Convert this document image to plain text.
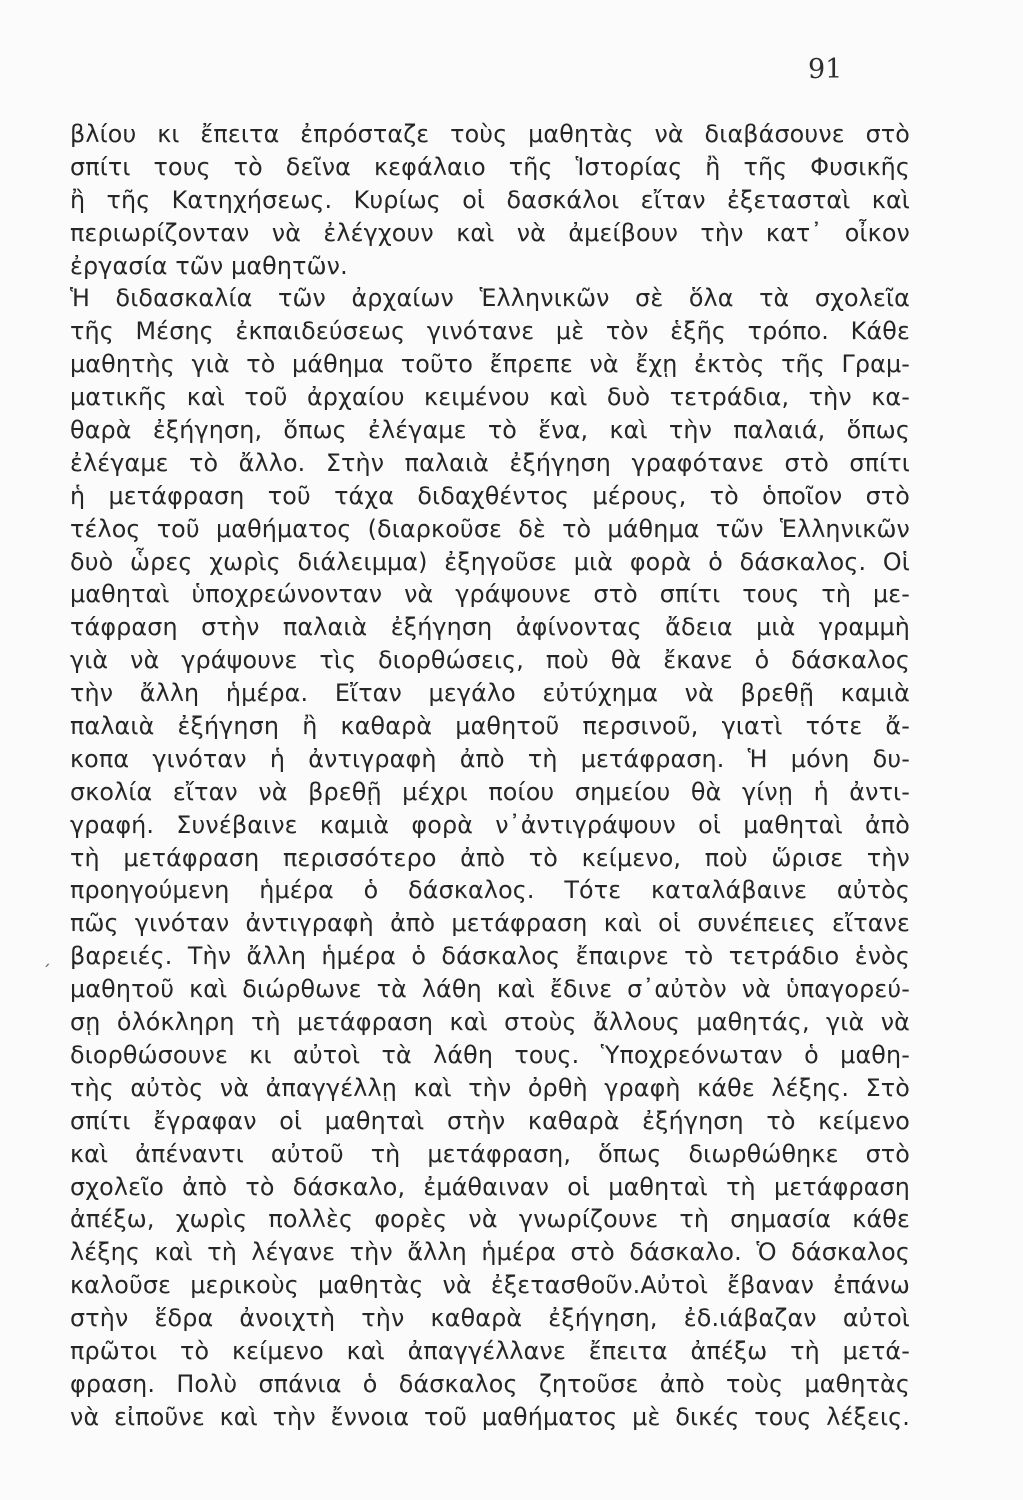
91
´
βλίου κι ἔπειτα ἐπρόσταζε τοὺς μαθητὰς νὰ διαβάσουνε στὸ
σπίτι τους τὸ δεῖνα κεφάλαιο τῆς Ἱστορίας ἢ τῆς Φυσικῆς
ἢ τῆς Κατηχήσεως. Κυρίως οἱ δασκάλοι εἴταν ἐξετασταὶ καὶ
περιωρίζονταν νὰ ἐλέγχουν καὶ νὰ ἀμείβουν τὴν κατ᾽ οἶκον
ἐργασία τῶν μαθητῶν.
Ἡ διδασκαλία τῶν ἀρχαίων Ἑλληνικῶν σὲ ὅλα τὰ σχολεῖα
τῆς Μέσης ἐκπαιδεύσεως γινότανε μὲ τὸν ἑξῆς τρόπο. Κάθε
μαθητὴς γιὰ τὸ μάθημα τοῦτο ἔπρεπε νὰ ἔχῃ ἐκτὸς τῆς Γραμ-
ματικῆς καὶ τοῦ ἀρχαίου κειμένου καὶ δυὸ τετράδια, τὴν κα-
θαρὰ ἐξήγηση, ὅπως ἐλέγαμε τὸ ἕνα, καὶ τὴν παλαιά, ὅπως
ἐλέγαμε τὸ ἄλλο. Στὴν παλαιὰ ἐξήγηση γραφότανε στὸ σπίτι
ἡ μετάφραση τοῦ τάχα διδαχθέντος μέρους, τὸ ὁποῖον στὸ
τέλος τοῦ μαθήματος (διαρκοῦσε δὲ τὸ μάθημα τῶν Ἑλληνικῶν
δυὸ ὧρες χωρὶς διάλειμμα) ἐξηγοῦσε μιὰ φορὰ ὁ δάσκαλος. Οἱ
μαθηταὶ ὑποχρεώνονταν νὰ γράψουνε στὸ σπίτι τους τὴ με-
τάφραση στὴν παλαιὰ ἐξήγηση ἀφίνοντας ἄδεια μιὰ γραμμὴ
γιὰ νὰ γράψουνε τὶς διορθώσεις, ποὺ θὰ ἔκανε ὁ δάσκαλος
τὴν ἄλλη ἡμέρα. Εἴταν μεγάλο εὐτύχημα νὰ βρεθῇ καμιὰ
παλαιὰ ἐξήγηση ἢ καθαρὰ μαθητοῦ περσινοῦ, γιατὶ τότε ἄ-
κοπα γινόταν ἡ ἀντιγραφὴ ἀπὸ τὴ μετάφραση. Ἡ μόνη δυ-
σκολία εἴταν νὰ βρεθῇ μέχρι ποίου σημείου θὰ γίνῃ ἡ ἀντι-
γραφή. Συνέβαινε καμιὰ φορὰ ν᾽ἀντιγράψουν οἱ μαθηταὶ ἀπὸ
τὴ μετάφραση περισσότερο ἀπὸ τὸ κείμενο, ποὺ ὥρισε τὴν
προηγούμενη ἡμέρα ὁ δάσκαλος. Τότε καταλάβαινε αὐτὸς
πῶς γινόταν ἀντιγραφὴ ἀπὸ μετάφραση καὶ οἱ συνέπειες εἴτανε
βαρειές. Τὴν ἄλλη ἡμέρα ὁ δάσκαλος ἔπαιρνε τὸ τετράδιο ἑνὸς
μαθητοῦ καὶ διώρθωνε τὰ λάθη καὶ ἔδινε σ᾽αὐτὸν νὰ ὑπαγορεύ-
σῃ ὁλόκληρη τὴ μετάφραση καὶ στοὺς ἄλλους μαθητάς, γιὰ νὰ
διορθώσουνε κι αὐτοὶ τὰ λάθη τους. Ὑποχρεόνωταν ὁ μαθη-
τὴς αὐτὸς νὰ ἀπαγγέλλῃ καὶ τὴν ὀρθὴ γραφὴ κάθε λέξης. Στὸ
σπίτι ἔγραφαν οἱ μαθηταὶ στὴν καθαρὰ ἐξήγηση τὸ κείμενο
καὶ ἀπέναντι αὐτοῦ τὴ μετάφραση, ὅπως διωρθώθηκε στὸ
σχολεῖο ἀπὸ τὸ δάσκαλο, ἐμάθαιναν οἱ μαθηταὶ τὴ μετάφραση
ἀπέξω, χωρὶς πολλὲς φορὲς νὰ γνωρίζουνε τὴ σημασία κάθε
λέξης καὶ τὴ λέγανε τὴν ἄλλη ἡμέρα στὸ δάσκαλο. Ὁ δάσκαλος
καλοῦσε μερικοὺς μαθητὰς νὰ ἐξετασθοῦν.Αὐτοὶ ἔβαναν ἐπάνω
στὴν ἕδρα ἀνοιχτὴ τὴν καθαρὰ ἐξήγηση, ἐδ.ιάβαζαν αὐτοὶ
πρῶτοι τὸ κείμενο καὶ ἀπαγγέλλανε ἔπειτα ἀπέξω τὴ μετά-
φραση. Πολὺ σπάνια ὁ δάσκαλος ζητοῦσε ἀπὸ τοὺς μαθητὰς
νὰ εἰποῦνε καὶ τὴν ἔννοια τοῦ μαθήματος μὲ δικές τους λέξεις.
